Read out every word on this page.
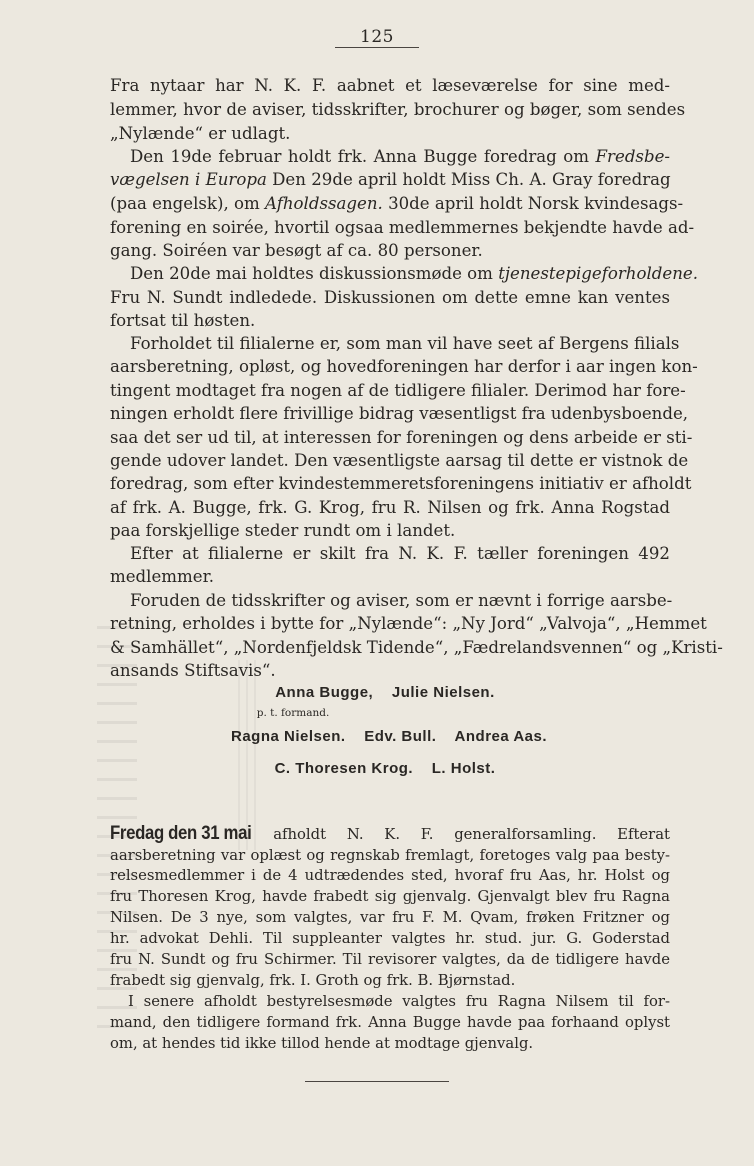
125
Fra nytaar har N. K. F. aabnet et læseværelse for sine med-
lemmer, hvor de aviser, tidsskrifter, brochurer og bøger, som sendes
„Nylænde“ er udlagt.
Den 19de februar holdt frk. Anna Bugge foredrag om Fredsbe-
vægelsen i Europa Den 29de april holdt Miss Ch. A. Gray foredrag
(paa engelsk), om Afholdssagen. 30de april holdt Norsk kvindesags-
forening en soirée, hvortil ogsaa medlemmernes bekjendte havde ad-
gang. Soiréen var besøgt af ca. 80 personer.
Den 20de mai holdtes diskussionsmøde om tjenestepigeforholdene.
Fru N. Sundt indledede. Diskussionen om dette emne kan ventes
fortsat til høsten.
Forholdet til filialerne er, som man vil have seet af Bergens filials
aarsberetning, opløst, og hovedforeningen har derfor i aar ingen kon-
tingent modtaget fra nogen af de tidligere filialer. Derimod har fore-
ningen erholdt flere frivillige bidrag væsentligst fra udenbysboende,
saa det ser ud til, at interessen for foreningen og dens arbeide er sti-
gende udover landet. Den væsentligste aarsag til dette er vistnok de
foredrag, som efter kvindestemmeretsforeningens initiativ er afholdt
af frk. A. Bugge, frk. G. Krog, fru R. Nilsen og frk. Anna Rogstad
paa forskjellige steder rundt om i landet.
Efter at filialerne er skilt fra N. K. F. tæller foreningen 492
medlemmer.
Foruden de tidsskrifter og aviser, som er nævnt i forrige aarsbe-
retning, erholdes i bytte for „Nylænde“: „Ny Jord“ „Valvoja“, „Hemmet
& Samhället“, „Nordenfjeldsk Tidende“, „Fædrelandsvennen“ og „Kristi-
ansands Stiftsavis“.
Anna Bugge,    Julie Nielsen.
p. t. formand.
Ragna Nielsen.    Edv. Bull.    Andrea Aas.
C. Thoresen Krog.    L. Holst.
Fredag den 31 mai afholdt N. K. F. generalforsamling. Efterat
aarsberetning var oplæst og regnskab fremlagt, foretoges valg paa besty-
relsesmedlemmer i de 4 udtrædendes sted, hvoraf fru Aas, hr. Holst og
fru Thoresen Krog, havde frabedt sig gjenvalg. Gjenvalgt blev fru Ragna
Nilsen. De 3 nye, som valgtes, var fru F. M. Qvam, frøken Fritzner og
hr. advokat Dehli. Til suppleanter valgtes hr. stud. jur. G. Goderstad
fru N. Sundt og fru Schirmer. Til revisorer valgtes, da de tidligere havde
frabedt sig gjenvalg, frk. I. Groth og frk. B. Bjørnstad.
I senere afholdt bestyrelsesmøde valgtes fru Ragna Nilsem til for-
mand, den tidligere formand frk. Anna Bugge havde paa forhaand oplyst
om, at hendes tid ikke tillod hende at modtage gjenvalg.
